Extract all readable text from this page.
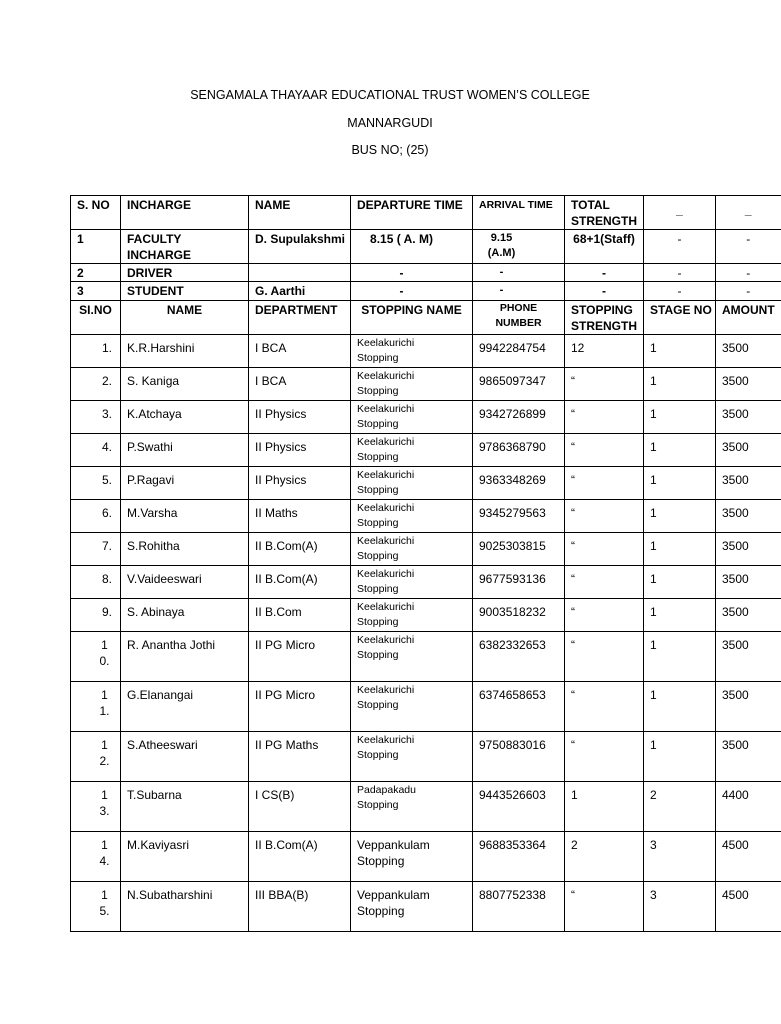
SENGAMALA THAYAAR EDUCATIONAL TRUST WOMEN’S COLLEGE
MANNARGUDI
BUS NO; (25)
S. NO	INCHARGE	NAME	DEPARTURE TIME	ARRIVAL TIME	TOTAL STRENGTH	_	_
1	FACULTY INCHARGE	D. Supulakshmi	8.15 ( A. M)	9.15 (A.M)	68+1(Staff)	-	-
2	DRIVER		-	-	-	-	-
3	STUDENT	G. Aarthi	-	-	-	-	-
SI.NO	NAME	DEPARTMENT	STOPPING NAME	PHONE NUMBER	STOPPING STRENGTH	STAGE NO	AMOUNT
1.	K.R.Harshini	I BCA	Keelakurichi Stopping	9942284754	12	1	3500
2.	S. Kaniga	I BCA	Keelakurichi Stopping	9865097347	“	1	3500
3.	K.Atchaya	II Physics	Keelakurichi Stopping	9342726899	“	1	3500
4.	P.Swathi	II Physics	Keelakurichi Stopping	9786368790	“	1	3500
5.	P.Ragavi	II Physics	Keelakurichi Stopping	9363348269	“	1	3500
6.	M.Varsha	II Maths	Keelakurichi Stopping	9345279563	“	1	3500
7.	S.Rohitha	II B.Com(A)	Keelakurichi Stopping	9025303815	“	1	3500
8.	V.Vaideeswari	II B.Com(A)	Keelakurichi Stopping	9677593136	“	1	3500
9.	S. Abinaya	II B.Com	Keelakurichi Stopping	9003518232	“	1	3500
10.	R. Anantha Jothi	II PG Micro	Keelakurichi Stopping	6382332653	“	1	3500
11.	G.Elanangai	II PG Micro	Keelakurichi Stopping	6374658653	“	1	3500
12.	S.Atheeswari	II PG Maths	Keelakurichi Stopping	9750883016	“	1	3500
13.	T.Subarna	I CS(B)	Padapakadu Stopping	9443526603	1	2	4400
14.	M.Kaviyasri	II B.Com(A)	Veppankulam Stopping	9688353364	2	3	4500
15.	N.Subatharshini	III BBA(B)	Veppankulam Stopping	8807752338	“	3	4500
